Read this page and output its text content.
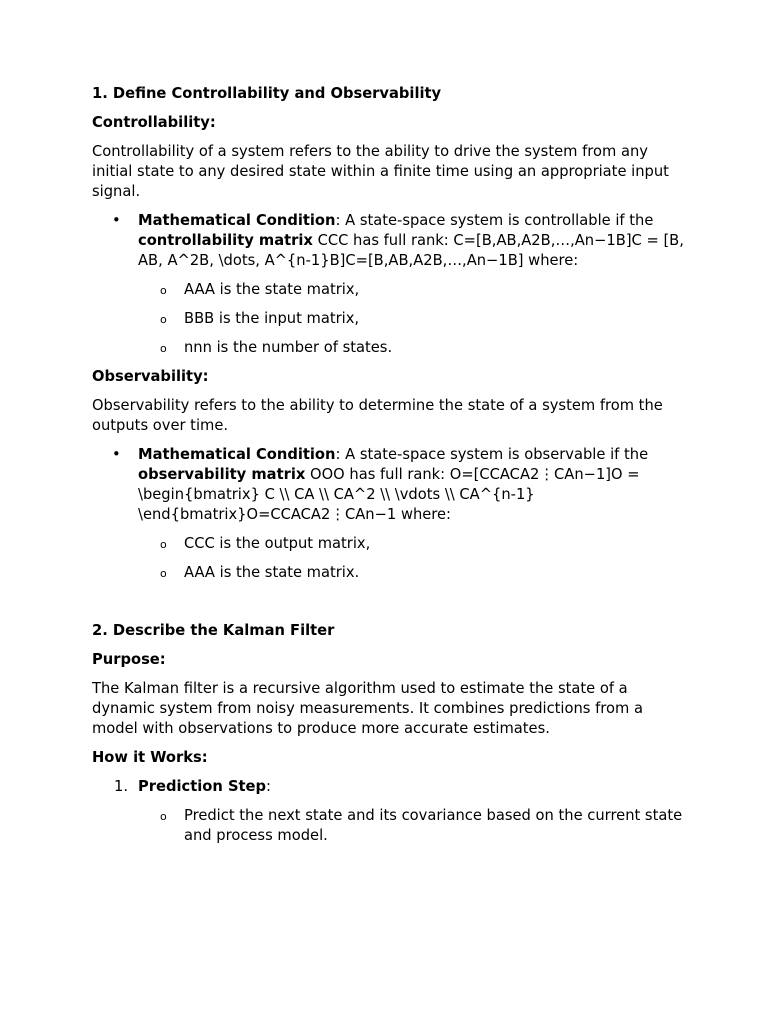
1. Define Controllability and Observability

Controllability:

Controllability of a system refers to the ability to drive the system from any initial state to any desired state within a finite time using an appropriate input signal.

•	Mathematical Condition: A state-space system is controllable if the controllability matrix CCC has full rank: C=[B,AB,A2B,…,An−1B]C = [B, AB, A^2B, \dots, A^{n-1}B]C=[B,AB,A2B,…,An−1B] where:
o AAA is the state matrix,
o BBB is the input matrix,
o nnn is the number of states.

Observability:

Observability refers to the ability to determine the state of a system from the outputs over time.

•	Mathematical Condition: A state-space system is observable if the observability matrix OOO has full rank: O=[CCACA2⋮CAn−1]O = \begin{bmatrix} C \\ CA \\ CA^2 \\ \vdots \\ CA^{n-1} \end{bmatrix}O=CCACA2⋮CAn−1 where:
o CCC is the output matrix,
o AAA is the state matrix.

2. Describe the Kalman Filter

Purpose:

The Kalman filter is a recursive algorithm used to estimate the state of a dynamic system from noisy measurements. It combines predictions from a model with observations to produce more accurate estimates.

How it Works:

1. Prediction Step:
o Predict the next state and its covariance based on the current state and process model.
